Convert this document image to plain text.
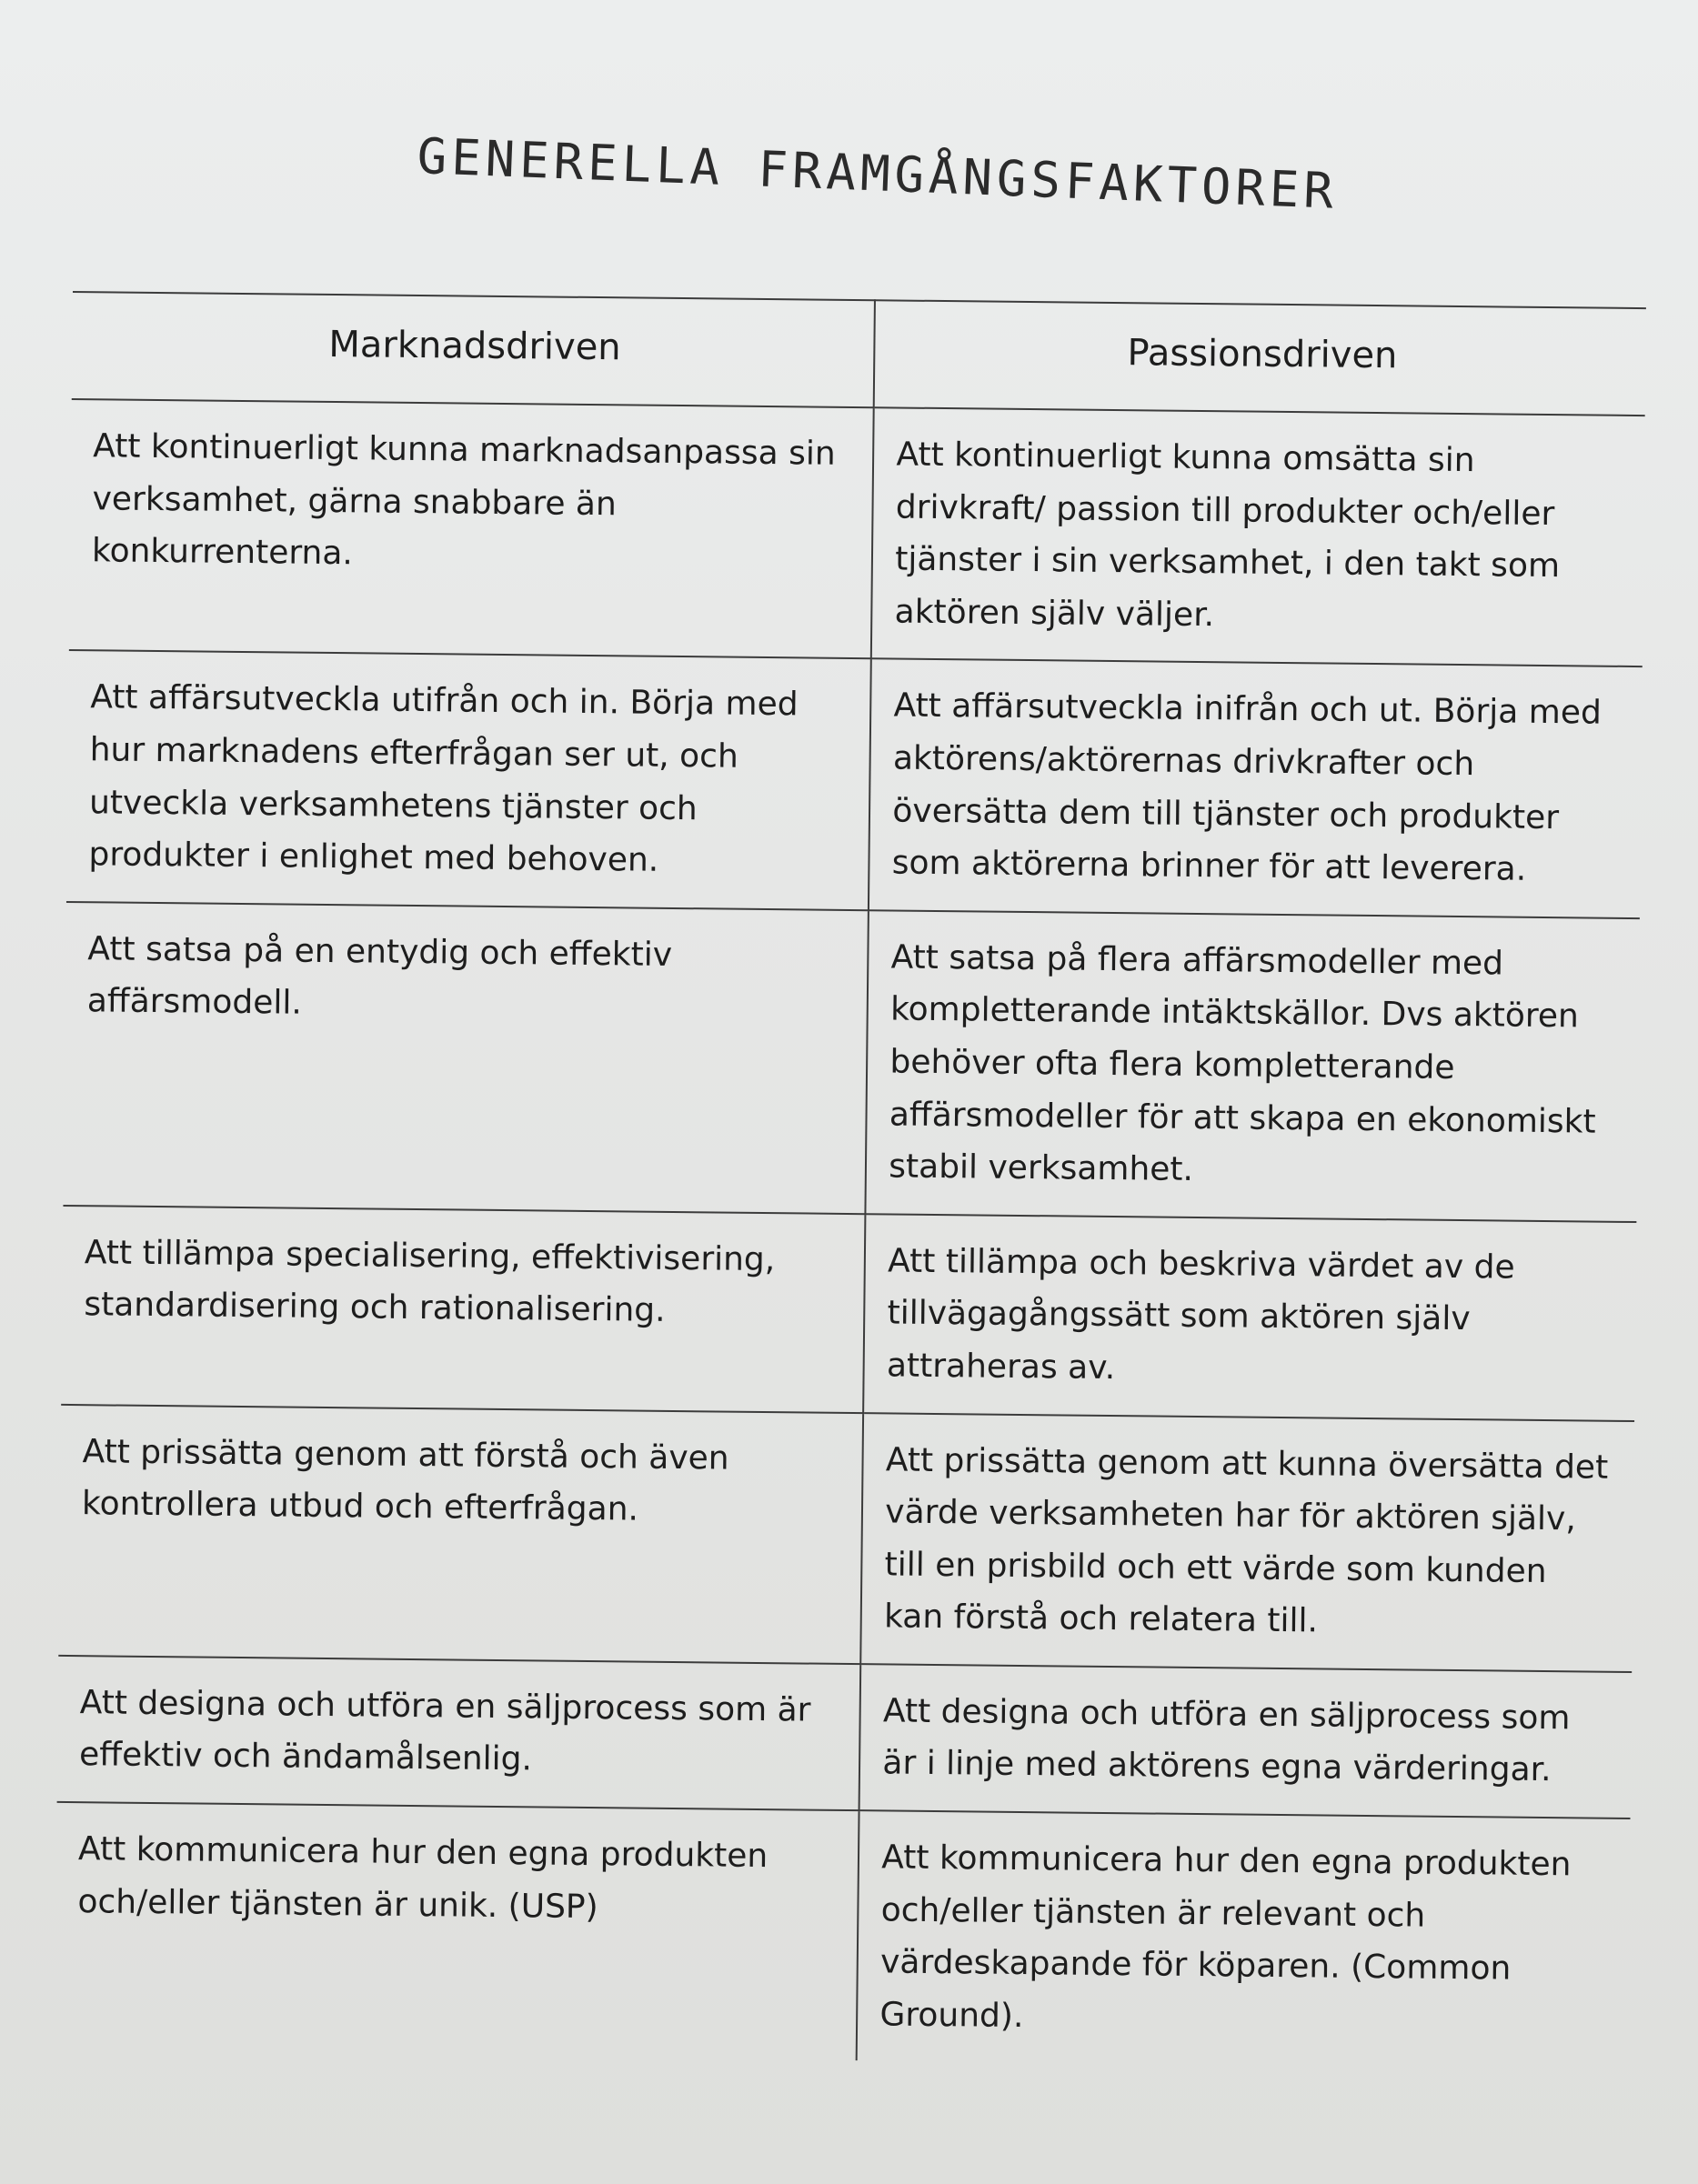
GENERELLA FRAMGÅNGSFAKTORER
Marknadsdriven	Passionsdriven
Att kontinuerligt kunna marknadsanpassa sin verksamhet, gärna snabbare än konkurrenterna.	Att kontinuerligt kunna omsätta sin drivkraft/ passion till produkter och/eller tjänster i sin verksamhet, i den takt som aktören själv väljer.
Att affärsutveckla utifrån och in. Börja med hur marknadens efterfrågan ser ut, och utveckla verksamhetens tjänster och produkter i enlighet med behoven.	Att affärsutveckla inifrån och ut. Börja med aktörens/aktörernas drivkrafter och översätta dem till tjänster och produkter som aktörerna brinner för att leverera.
Att satsa på en entydig och effektiv affärsmodell.	Att satsa på flera affärsmodeller med kompletterande intäktskällor. Dvs aktören behöver ofta flera kompletterande affärsmodeller för att skapa en ekonomiskt stabil verksamhet.
Att tillämpa specialisering, effektivisering, standardisering och rationalisering.	Att tillämpa och beskriva värdet av de tillvägagångssätt som aktören själv attraheras av.
Att prissätta genom att förstå och även kontrollera utbud och efterfrågan.	Att prissätta genom att kunna översätta det värde verksamheten har för aktören själv, till en prisbild och ett värde som kunden kan förstå och relatera till.
Att designa och utföra en säljprocess som är effektiv och ändamålsenlig.	Att designa och utföra en säljprocess som är i linje med aktörens egna värderingar.
Att kommunicera hur den egna produkten och/eller tjänsten är unik. (USP)	Att kommunicera hur den egna produkten och/eller tjänsten är relevant och värdeskapande för köparen. (Common Ground).
